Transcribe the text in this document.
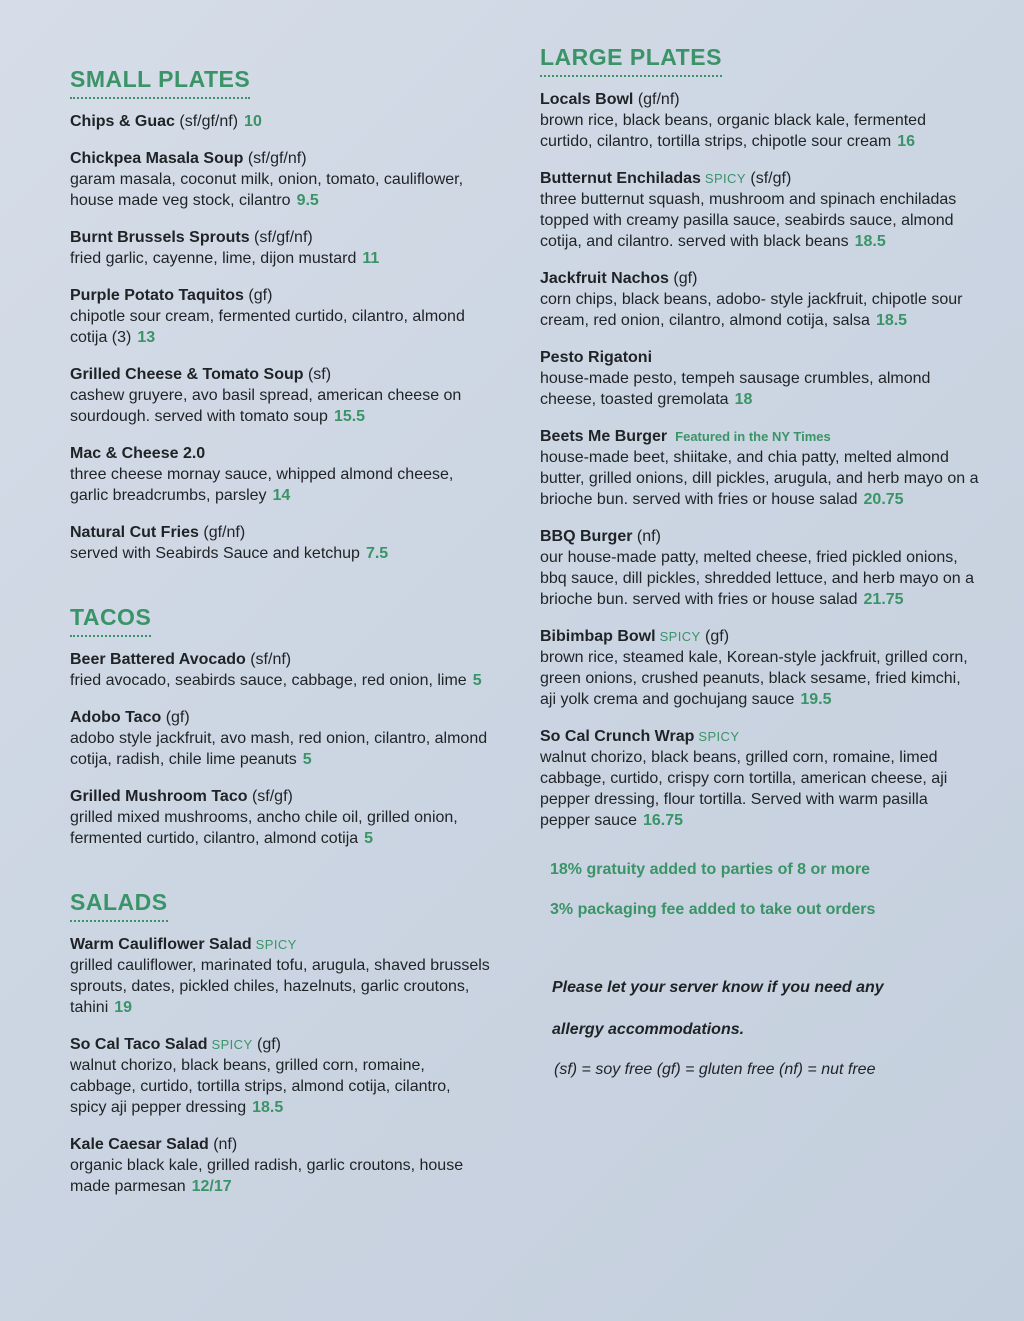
SMALL PLATES
Chips & Guac (sf/gf/nf) 10
Chickpea Masala Soup (sf/gf/nf)
garam masala, coconut milk, onion, tomato, cauliflower, house made veg stock, cilantro 9.5
Burnt Brussels Sprouts (sf/gf/nf)
fried garlic, cayenne, lime, dijon mustard 11
Purple Potato Taquitos (gf)
chipotle sour cream, fermented curtido, cilantro, almond cotija (3) 13
Grilled Cheese & Tomato Soup (sf)
cashew gruyere, avo basil spread, american cheese on sourdough. served with tomato soup 15.5
Mac & Cheese 2.0
three cheese mornay sauce, whipped almond cheese, garlic breadcrumbs, parsley 14
Natural Cut Fries (gf/nf)
served with Seabirds Sauce and ketchup 7.5
TACOS
Beer Battered Avocado (sf/nf)
fried avocado, seabirds sauce, cabbage, red onion, lime 5
Adobo Taco (gf)
adobo style jackfruit, avo mash, red onion, cilantro, almond cotija, radish, chile lime peanuts 5
Grilled Mushroom Taco (sf/gf)
grilled mixed mushrooms, ancho chile oil, grilled onion, fermented curtido, cilantro, almond cotija 5
SALADS
Warm Cauliflower Salad SPICY
grilled cauliflower, marinated tofu, arugula, shaved brussels sprouts, dates, pickled chiles, hazelnuts, garlic croutons, tahini 19
So Cal Taco Salad SPICY (gf)
walnut chorizo, black beans, grilled corn, romaine, cabbage, curtido, tortilla strips, almond cotija, cilantro, spicy aji pepper dressing 18.5
Kale Caesar Salad (nf)
organic black kale, grilled radish, garlic croutons, house made parmesan 12/17
LARGE PLATES
Locals Bowl (gf/nf)
brown rice, black beans, organic black kale, fermented curtido, cilantro, tortilla strips, chipotle sour cream 16
Butternut Enchiladas SPICY (sf/gf)
three butternut squash, mushroom and spinach enchiladas topped with creamy pasilla sauce, seabirds sauce, almond cotija, and cilantro. served with black beans 18.5
Jackfruit Nachos (gf)
corn chips, black beans, adobo- style jackfruit, chipotle sour cream, red onion, cilantro, almond cotija, salsa 18.5
Pesto Rigatoni
house-made pesto, tempeh sausage crumbles, almond cheese, toasted gremolata 18
Beets Me Burger Featured in the NY Times
house-made beet, shiitake, and chia patty, melted almond butter, grilled onions, dill pickles, arugula, and herb mayo on a brioche bun. served with fries or house salad 20.75
BBQ Burger (nf)
our house-made patty, melted cheese, fried pickled onions, bbq sauce, dill pickles, shredded lettuce, and herb mayo on a brioche bun. served with fries or house salad 21.75
Bibimbap Bowl SPICY (gf)
brown rice, steamed kale, Korean-style jackfruit, grilled corn, green onions, crushed peanuts, black sesame, fried kimchi, aji yolk crema and gochujang sauce 19.5
So Cal Crunch Wrap SPICY
walnut chorizo, black beans, grilled corn, romaine, limed cabbage, curtido, crispy corn tortilla, american cheese, aji pepper dressing, flour tortilla. Served with warm pasilla pepper sauce 16.75
18% gratuity added to parties of 8 or more
3% packaging fee added to take out orders
Please let your server know if you need any
allergy accommodations.
(sf) = soy free (gf) = gluten free (nf) = nut free
